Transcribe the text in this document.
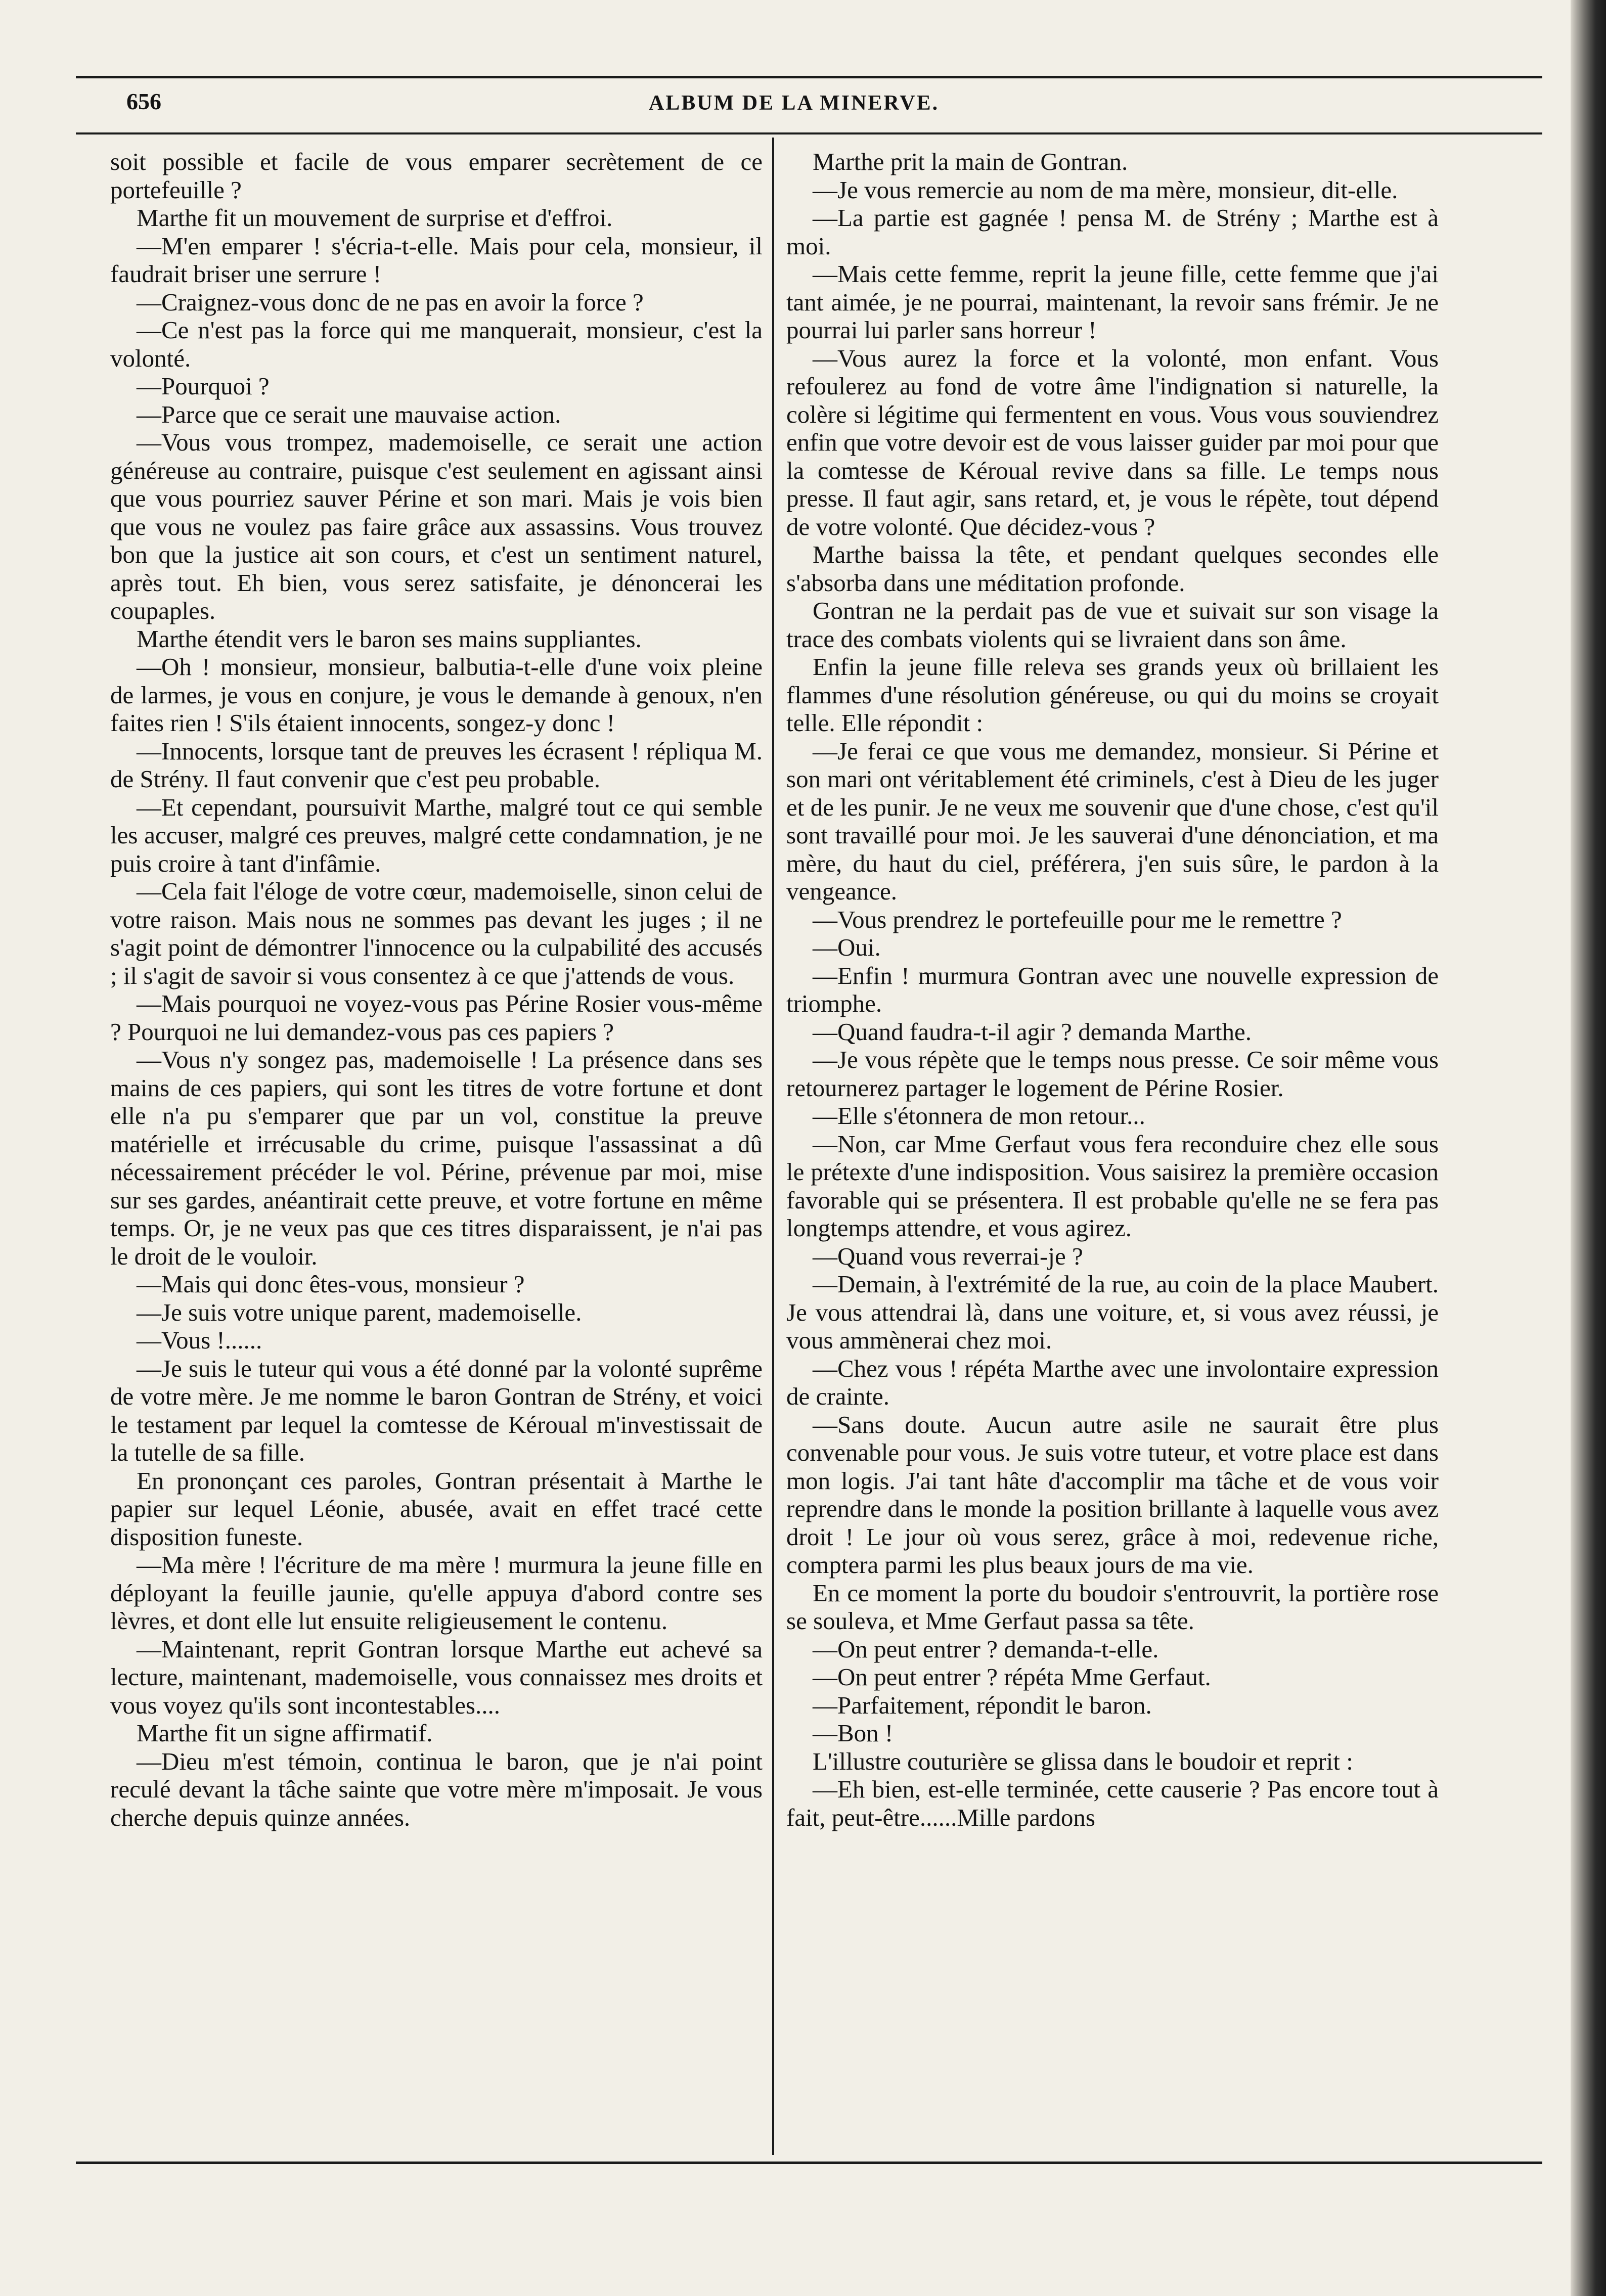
656	ALBUM DE LA MINERVE.

soit possible et facile de vous emparer secrètement de ce portefeuille ?

Marthe fit un mouvement de surprise et d'effroi.

—M'en emparer ! s'écria-t-elle. Mais pour cela, monsieur, il faudrait briser une serrure !

—Craignez-vous donc de ne pas en avoir la force ?

—Ce n'est pas la force qui me manquerait, monsieur, c'est la volonté.

—Pourquoi ?

—Parce que ce serait une mauvaise action.

—Vous vous trompez, mademoiselle, ce serait une action généreuse au contraire, puisque c'est seulement en agissant ainsi que vous pourriez sauver Périne et son mari. Mais je vois bien que vous ne voulez pas faire grâce aux assassins. Vous trouvez bon que la justice ait son cours, et c'est un sentiment naturel, après tout. Eh bien, vous serez satisfaite, je dénoncerai les coupaples.

Marthe étendit vers le baron ses mains suppliantes.

—Oh ! monsieur, monsieur, balbutia-t-elle d'une voix pleine de larmes, je vous en conjure, je vous le demande à genoux, n'en faites rien ! S'ils étaient innocents, songez-y donc !

—Innocents, lorsque tant de preuves les écrasent ! répliqua M. de Strény. Il faut convenir que c'est peu probable.

—Et cependant, poursuivit Marthe, malgré tout ce qui semble les accuser, malgré ces preuves, malgré cette condamnation, je ne puis croire à tant d'infâmie.

—Cela fait l'éloge de votre cœur, mademoiselle, sinon celui de votre raison. Mais nous ne sommes pas devant les juges ; il ne s'agit point de démontrer l'innocence ou la culpabilité des accusés ; il s'agit de savoir si vous consentez à ce que j'attends de vous.

—Mais pourquoi ne voyez-vous pas Périne Rosier vous-même ? Pourquoi ne lui demandez-vous pas ces papiers ?

—Vous n'y songez pas, mademoiselle ! La présence dans ses mains de ces papiers, qui sont les titres de votre fortune et dont elle n'a pu s'emparer que par un vol, constitue la preuve matérielle et irrécusable du crime, puisque l'assassinat a dû nécessairement précéder le vol. Périne, prévenue par moi, mise sur ses gardes, anéantirait cette preuve, et votre fortune en même temps. Or, je ne veux pas que ces titres disparaissent, je n'ai pas le droit de le vouloir.

—Mais qui donc êtes-vous, monsieur ?

—Je suis votre unique parent, mademoiselle.

—Vous !......

—Je suis le tuteur qui vous a été donné par la volonté suprême de votre mère. Je me nomme le baron Gontran de Strény, et voici le testament par lequel la comtesse de Kéroual m'investissait de la tutelle de sa fille.

En prononçant ces paroles, Gontran présentait à Marthe le papier sur lequel Léonie, abusée, avait en effet tracé cette disposition funeste.

—Ma mère ! l'écriture de ma mère ! murmura la jeune fille en déployant la feuille jaunie, qu'elle appuya d'abord contre ses lèvres, et dont elle lut ensuite religieusement le contenu.

—Maintenant, reprit Gontran lorsque Marthe eut achevé sa lecture, maintenant, mademoiselle, vous connaissez mes droits et vous voyez qu'ils sont incontestables....

Marthe fit un signe affirmatif.

—Dieu m'est témoin, continua le baron, que je n'ai point reculé devant la tâche sainte que votre mère m'imposait. Je vous cherche depuis quinze années.

Marthe prit la main de Gontran.

—Je vous remercie au nom de ma mère, monsieur, dit-elle.

—La partie est gagnée ! pensa M. de Strény ; Marthe est à moi.

—Mais cette femme, reprit la jeune fille, cette femme que j'ai tant aimée, je ne pourrai, maintenant, la revoir sans frémir. Je ne pourrai lui parler sans horreur !

—Vous aurez la force et la volonté, mon enfant. Vous refoulerez au fond de votre âme l'indignation si naturelle, la colère si légitime qui fermentent en vous. Vous vous souviendrez enfin que votre devoir est de vous laisser guider par moi pour que la comtesse de Kéroual revive dans sa fille. Le temps nous presse. Il faut agir, sans retard, et, je vous le répète, tout dépend de votre volonté. Que décidez-vous ?

Marthe baissa la tête, et pendant quelques secondes elle s'absorba dans une méditation profonde.

Gontran ne la perdait pas de vue et suivait sur son visage la trace des combats violents qui se livraient dans son âme.

Enfin la jeune fille releva ses grands yeux où brillaient les flammes d'une résolution généreuse, ou qui du moins se croyait telle. Elle répondit :

—Je ferai ce que vous me demandez, monsieur. Si Périne et son mari ont véritablement été criminels, c'est à Dieu de les juger et de les punir. Je ne veux me souvenir que d'une chose, c'est qu'il sont travaillé pour moi. Je les sauverai d'une dénonciation, et ma mère, du haut du ciel, préférera, j'en suis sûre, le pardon à la vengeance.

—Vous prendrez le portefeuille pour me le remettre ?

—Oui.

—Enfin ! murmura Gontran avec une nouvelle expression de triomphe.

—Quand faudra-t-il agir ? demanda Marthe.

—Je vous répète que le temps nous presse. Ce soir même vous retournerez partager le logement de Périne Rosier.

—Elle s'étonnera de mon retour...

—Non, car Mme Gerfaut vous fera reconduire chez elle sous le prétexte d'une indisposition. Vous saisirez la première occasion favorable qui se présentera. Il est probable qu'elle ne se fera pas longtemps attendre, et vous agirez.

—Quand vous reverrai-je ?

—Demain, à l'extrémité de la rue, au coin de la place Maubert. Je vous attendrai là, dans une voiture, et, si vous avez réussi, je vous ammènerai chez moi.

—Chez vous ! répéta Marthe avec une involontaire expression de crainte.

—Sans doute. Aucun autre asile ne saurait être plus convenable pour vous. Je suis votre tuteur, et votre place est dans mon logis. J'ai tant hâte d'accomplir ma tâche et de vous voir reprendre dans le monde la position brillante à laquelle vous avez droit ! Le jour où vous serez, grâce à moi, redevenue riche, comptera parmi les plus beaux jours de ma vie.

En ce moment la porte du boudoir s'entrouvrit, la portière rose se souleva, et Mme Gerfaut passa sa tête.

—On peut entrer ? demanda-t-elle.

—On peut entrer ? répéta Mme Gerfaut.

—Parfaitement, répondit le baron.

—Bon !

L'illustre couturière se glissa dans le boudoir et reprit :

—Eh bien, est-elle terminée, cette causerie ? Pas encore tout à fait, peut-être......Mille pardons
